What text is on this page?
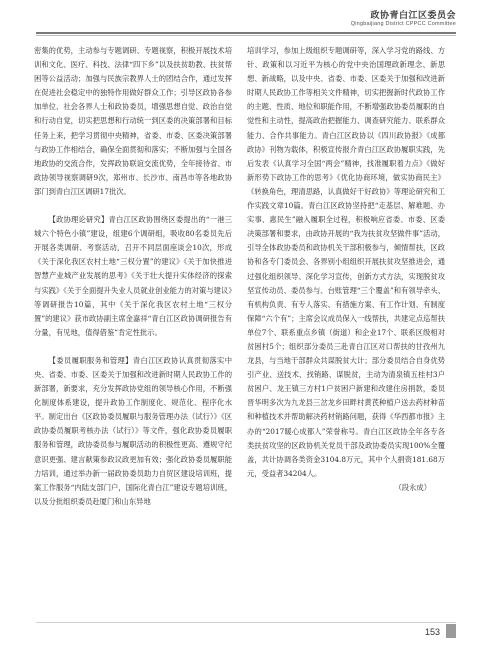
政协青白江区委员会
Qingbaijiang District CPPCC Committee

密集的优势，主动参与专题调研、专题视察，积极开展技术培训和文化、医疗、科技、法律“四下乡”以及扶贫助教、扶贫帮困等公益活动；加强与民族宗教界人士的团结合作，通过发挥在促进社会稳定中的独特作用做好群众工作；引导区政协各参加单位、社会各界人士和政协委员，增强思想自觉、政治自觉和行动自觉，切实把思想和行动统一到区委的决策部署和目标任务上来，把学习贯彻中央精神，省委、市委、区委决策部署与政协工作相结合，确保全面贯彻和落实；不断加强与全国各地政协的交流合作，发挥政协联谊交流优势，全年接待省、市政协领导视察调研9次，郑州市、长沙市、南昌市等各地政协部门到青白江区调研17批次。

【政协理论研究】青白江区政协围绕区委提出的“一港三城六个特色小镇”建设，组建6个调研组，吸收80名委员先后开展各类调研、考察活动，召开不同层面座谈会10次，形成《关于深化我区农村土地“三权分置”的建议》《关于加快推进智慧产业城产业发展的思考》《关于壮大提升实体经济的探索与实践》《关于全面提升失业人员就业创业能力的对策与建议》等调研报告10篇，其中《关于深化我区农村土地“三权分置”的建议》获市政协副主席金嘉祥“青白江区政协调研报告有分量，有见地，值得借鉴”肯定性批示。

【委员履职服务和管理】青白江区政协认真贯彻落实中央、省委、市委、区委关于加强和改进新时期人民政协工作的新部署，新要求，充分发挥政协党组的领导核心作用，不断强化制度体系建设，提升政协工作制度化、规范化、程序化水平。制定出台《区政协委员履职与服务管理办法（试行）》《区政协委员履职考核办法（试行）》等文件，强化政协委员履职服务和管理，政协委员参与履职活动的积极性更高、遵规守纪意识更强、建言献策参政议政更加有效；强化政协委员履职能力培训，通过举办新一届政协委员助力自贸区建设培训班，提案工作服务“内陆支部门户，国际化青白江”建设专题培训班，以及分批组织委员赴厦门和山东异地

培训学习，参加上级组织专题调研等，深入学习党的路线、方针、政策和以习近平为核心的党中央治国理政新理念、新思想、新战略，以及中央、省委、市委、区委关于加强和改进新时期人民政协工作等相关文件精神，切实把握新时代政协工作的主题、性质、地位和职能作用，不断增强政协委员履职的自觉性和主动性，提高政治把握能力、调查研究能力、联系群众能力、合作共事能力。青白江区政协以《四川政协报》《成都政协》刊物为载体，积极宣传报介青白江区政协履职实践，先后发表《认真学习全国“两会”精神，找准履职着力点》《做好新形势下政协工作的思考》《优化协商环境，做实协商民主》《转换角色，理清思路，认真做好干好政协》等理论研究和工作实践文章10篇。青白江区政协坚持把“走基层、解难题、办实事、惠民生”融入履职全过程，积极响应省委、市委、区委决策部署和要求，由政协开展的“我为扶贫攻坚做件事”活动，引导全体政协委员和政协机关干部积极参与，倾情帮扶，区政协和各专门委员会、各界别小组组织开展扶贫攻坚推进会，通过强化组织领导、深化学习宣传，创新方式方法，实现脱贫攻坚宣传动员、委员参与、台账管理“三个覆盖”和有领导牵头、有机构负责、有专人落实、有措施方案、有工作计划、有制度保障“六个有”；主席会议成员保入一线帮扶，共建定点巡帮扶单位7个、联系重点乡镇（街道）和企业17个、联系区级相对贫困村5个；组织部分委员三赴青白江区对口帮扶的甘孜州九龙县，与当地干部群众共谋脱贫大计；部分委员结合自身优势引产业、送技术、找销路、谋脱贫，主动为清泉镇五桂村3户贫困户、龙王镇三方村1户贫困户新建和改建住房捐款，委员晋华明多次为九龙县三岔龙乡田畔村黄芪种植户送去药材种苗和种植技术并帮助解决药材销路问题，获得《华西都市报》主办的“2017暖心成都人”荣誉称号。青白江区政协全年各专各类扶贫攻坚的区政协机关党员干部及政协委员实现100%全覆盖，共计协调各类资金3104.8万元，其中个人捐资181.68万元，受益者34204人。

（段永成）

153
